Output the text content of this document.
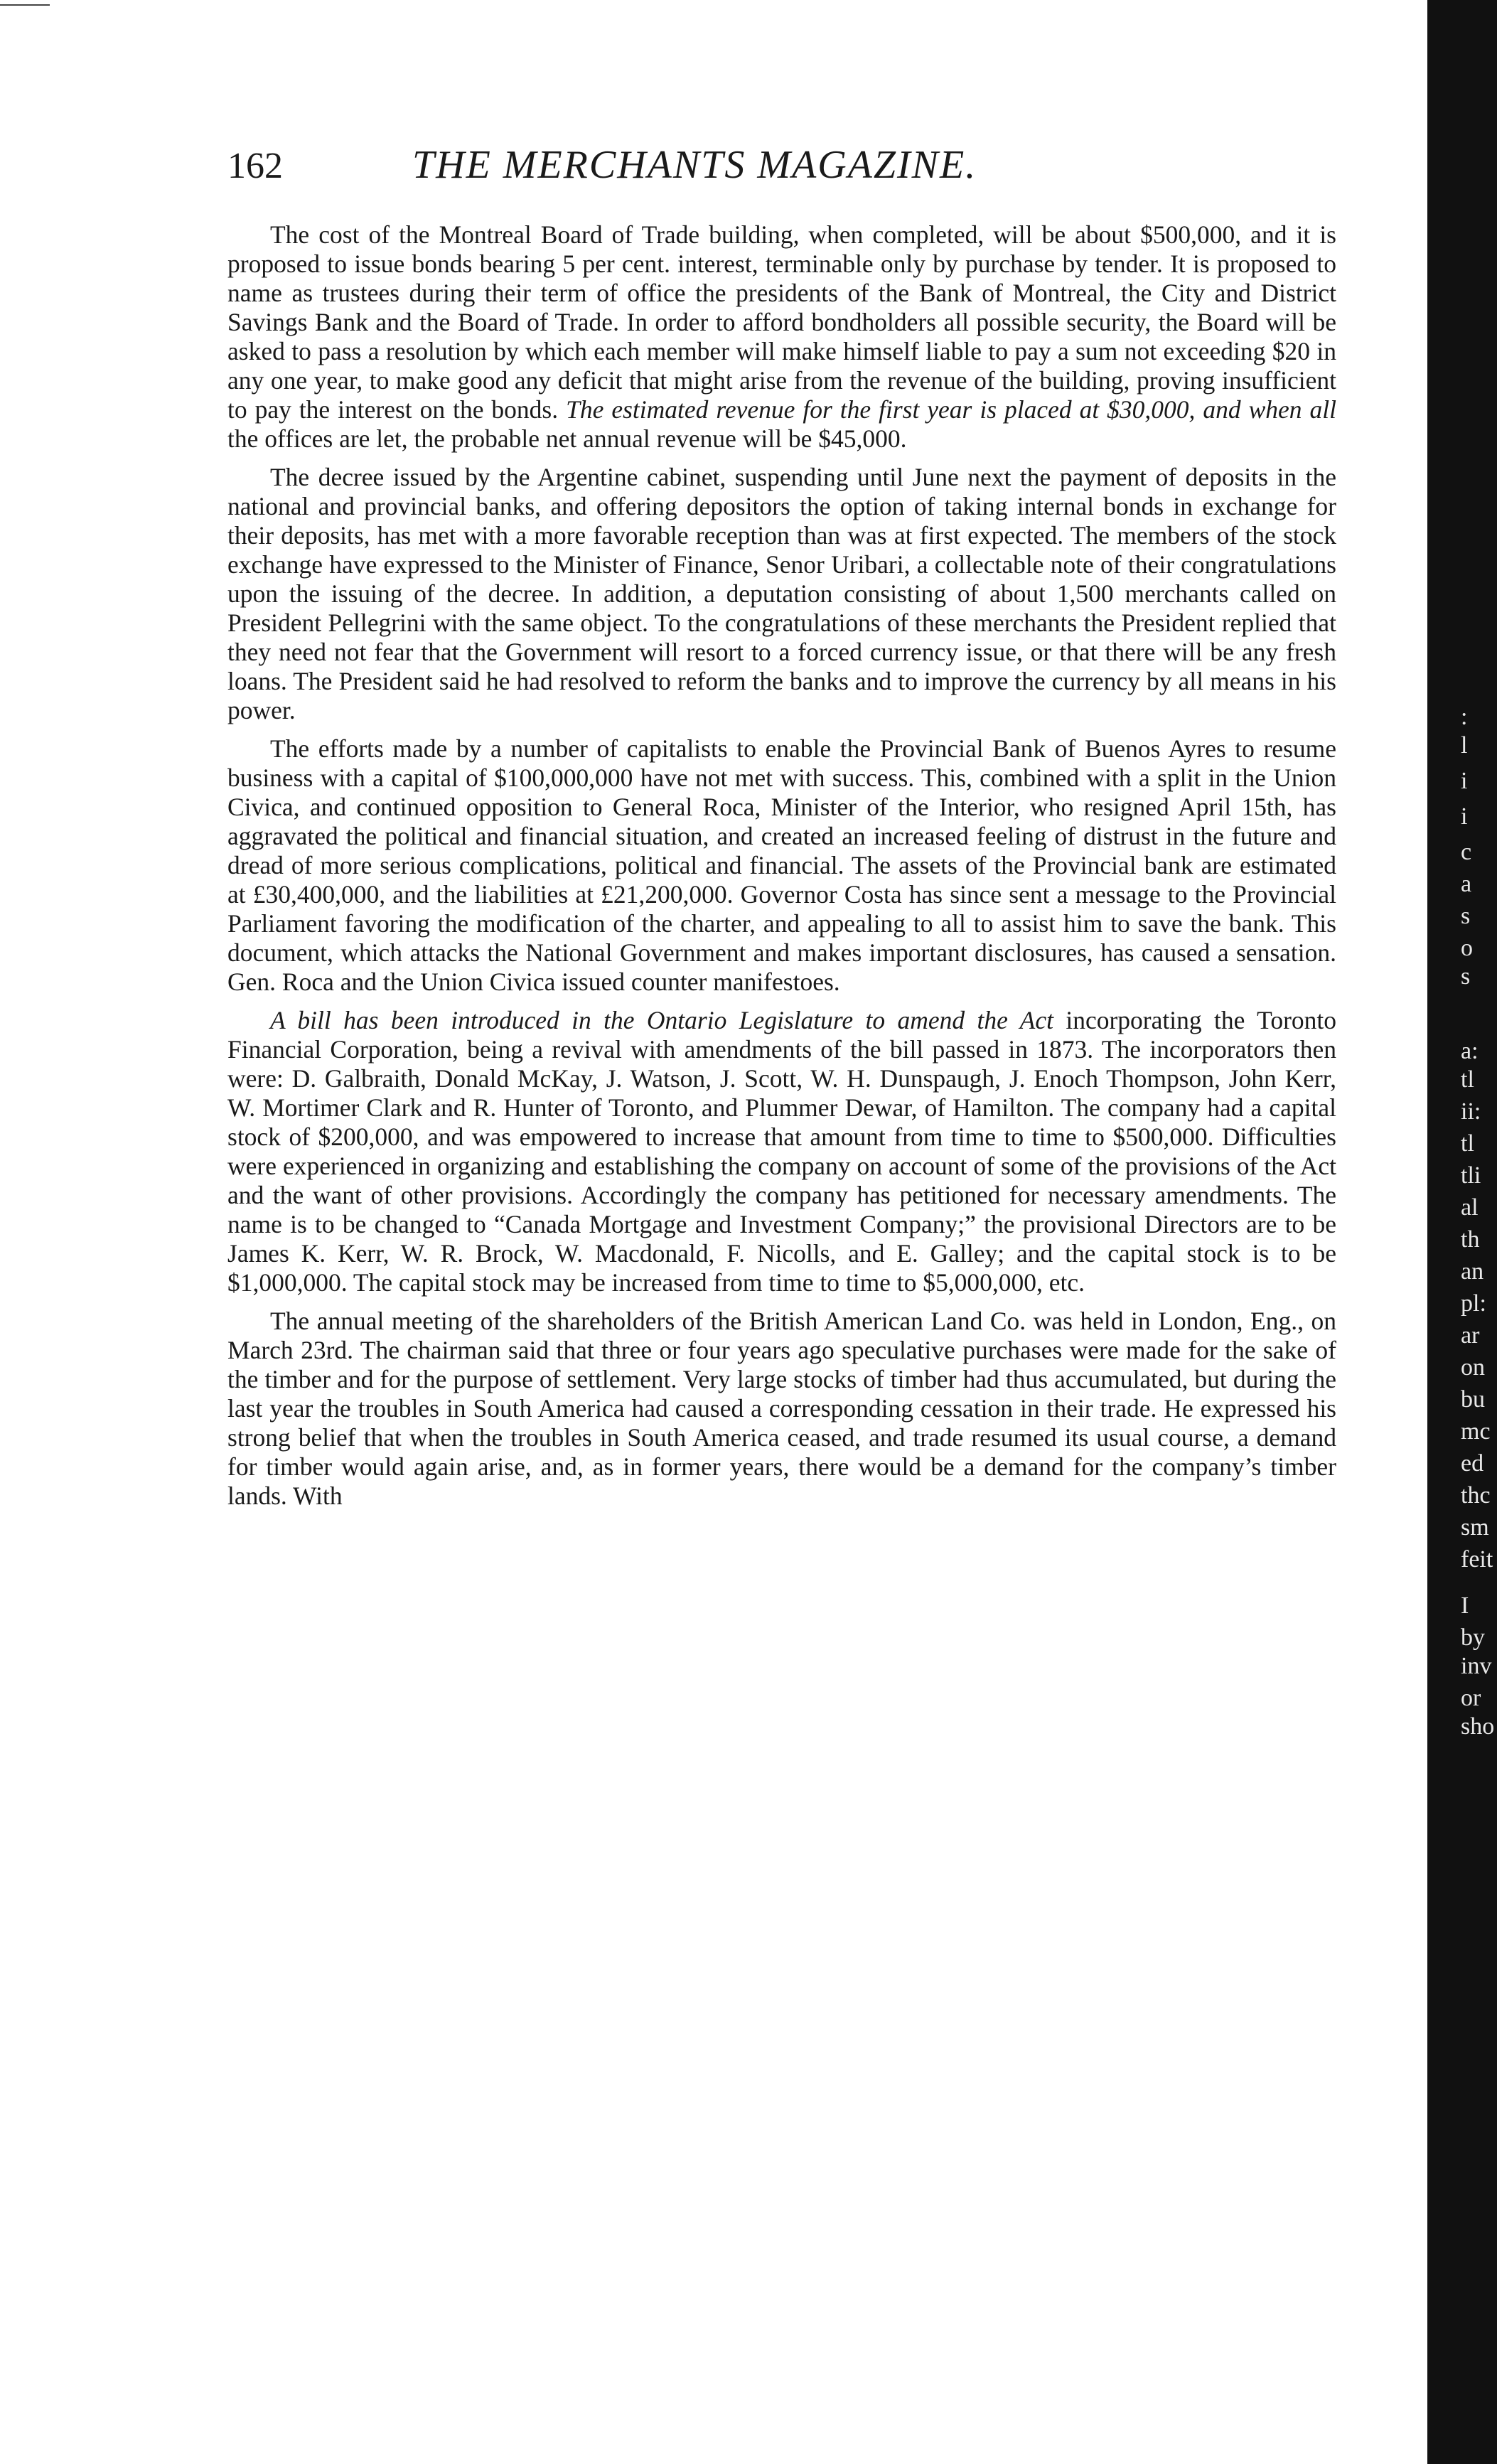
162	THE MERCHANTS MAGAZINE.

The cost of the Montreal Board of Trade building, when completed, will be about $500,000, and it is proposed to issue bonds bearing 5 per cent. interest, terminable only by purchase by tender. It is proposed to name as trustees during their term of office the presidents of the Bank of Montreal, the City and District Savings Bank and the Board of Trade. In order to afford bondholders all possible security, the Board will be asked to pass a resolution by which each member will make himself liable to pay a sum not exceeding $20 in any one year, to make good any deficit that might arise from the revenue of the building, proving insufficient to pay the interest on the bonds. The estimated revenue for the first year is placed at $30,000, and when all the offices are let, the probable net annual revenue will be $45,000.

The decree issued by the Argentine cabinet, suspending until June next the payment of deposits in the national and provincial banks, and offering depositors the option of taking internal bonds in exchange for their deposits, has met with a more favorable reception than was at first expected. The members of the stock exchange have expressed to the Minister of Finance, Senor Uribari, a collectable note of their congratulations upon the issuing of the decree. In addition, a deputation consisting of about 1,500 merchants called on President Pellegrini with the same object. To the congratulations of these merchants the President replied that they need not fear that the Government will resort to a forced currency issue, or that there will be any fresh loans. The President said he had resolved to reform the banks and to improve the currency by all means in his power.

The efforts made by a number of capitalists to enable the Provincial Bank of Buenos Ayres to resume business with a capital of $100,000,000 have not met with success. This, combined with a split in the Union Civica, and continued opposition to General Roca, Minister of the Interior, who resigned April 15th, has aggravated the political and financial situation, and created an increased feeling of distrust in the future and dread of more serious complications, political and financial. The assets of the Provincial bank are estimated at £30,400,000, and the liabilities at £21,200,000. Governor Costa has since sent a message to the Provincial Parliament favoring the modification of the charter, and appealing to all to assist him to save the bank. This document, which attacks the National Government and makes important disclosures, has caused a sensation. Gen. Roca and the Union Civica issued counter manifestoes.

A bill has been introduced in the Ontario Legislature to amend the Act incorporating the Toronto Financial Corporation, being a revival with amendments of the bill passed in 1873. The incorporators then were: D. Galbraith, Donald McKay, J. Watson, J. Scott, W. H. Dunspaugh, J. Enoch Thompson, John Kerr, W. Mortimer Clark and R. Hunter of Toronto, and Plummer Dewar, of Hamilton. The company had a capital stock of $200,000, and was empowered to increase that amount from time to time to $500,000. Difficulties were experienced in organizing and establishing the company on account of some of the provisions of the Act and the want of other provisions. Accordingly the company has petitioned for necessary amendments. The name is to be changed to “Canada Mortgage and Investment Company;” the provisional Directors are to be James K. Kerr, W. R. Brock, W. Macdonald, F. Nicolls, and E. Galley; and the capital stock is to be $1,000,000. The capital stock may be increased from time to time to $5,000,000, etc.

The annual meeting of the shareholders of the British American Land Co. was held in London, Eng., on March 23rd. The chairman said that three or four years ago speculative purchases were made for the sake of the timber and for the purpose of settlement. Very large stocks of timber had thus accumulated, but during the last year the troubles in South America had caused a corresponding cessation in their trade. He expressed his strong belief that when the troubles in South America ceased, and trade resumed its usual course, a demand for timber would again arise, and, as in former years, there would be a demand for the company’s timber lands. With

:
l
i
i
c
a
s
o
s
a:
tl
ii:
tl
tli
al
th
an
pl:
ar
on
bu
mc
ed
thc
sm
feit
I
by
inv
or
sho
